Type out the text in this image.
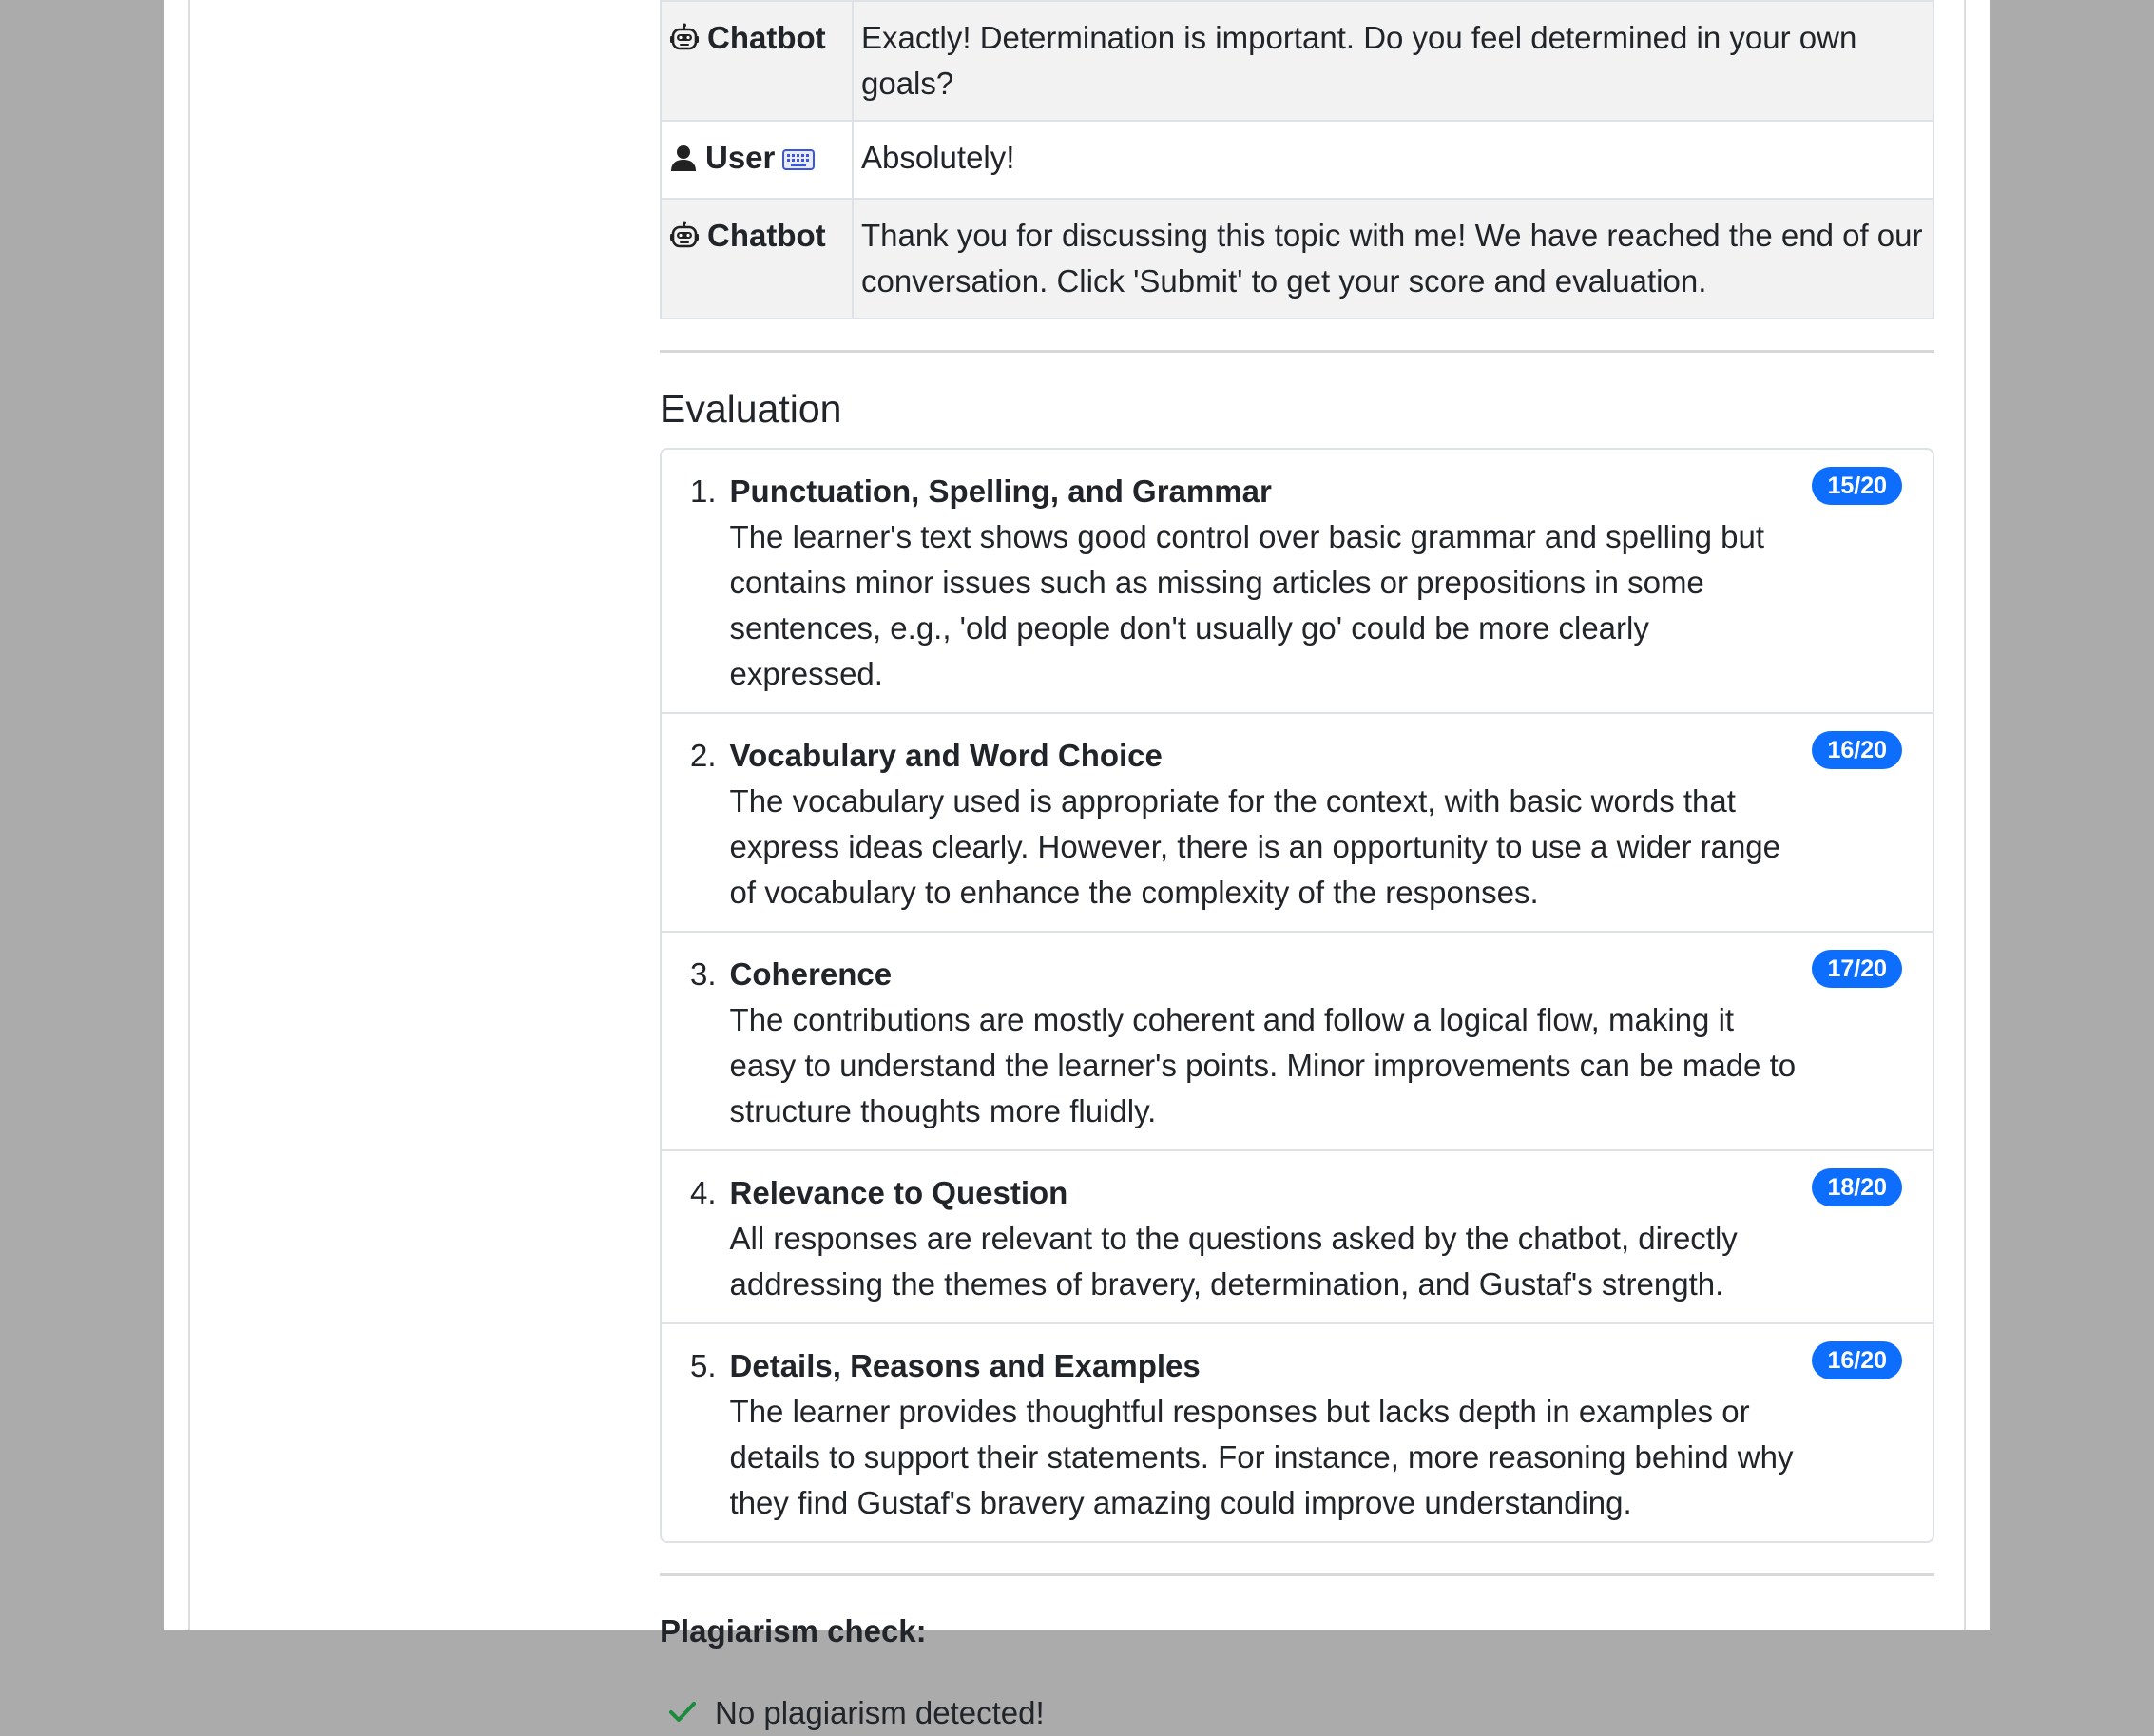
Chatbot	Exactly! Determination is important. Do you feel determined in your own goals?
User	Absolutely!
Chatbot	Thank you for discussing this topic with me! We have reached the end of our conversation. Click 'Submit' to get your score and evaluation.
Evaluation
1. Punctuation, Spelling, and Grammar
The learner's text shows good control over basic grammar and spelling but contains minor issues such as missing articles or prepositions in some sentences, e.g., 'old people don't usually go' could be more clearly expressed.
15/20
2. Vocabulary and Word Choice
The vocabulary used is appropriate for the context, with basic words that express ideas clearly. However, there is an opportunity to use a wider range of vocabulary to enhance the complexity of the responses.
16/20
3. Coherence
The contributions are mostly coherent and follow a logical flow, making it easy to understand the learner's points. Minor improvements can be made to structure thoughts more fluidly.
17/20
4. Relevance to Question
All responses are relevant to the questions asked by the chatbot, directly addressing the themes of bravery, determination, and Gustaf's strength.
18/20
5. Details, Reasons and Examples
The learner provides thoughtful responses but lacks depth in examples or details to support their statements. For instance, more reasoning behind why they find Gustaf's bravery amazing could improve understanding.
16/20
Plagiarism check:
No plagiarism detected!
